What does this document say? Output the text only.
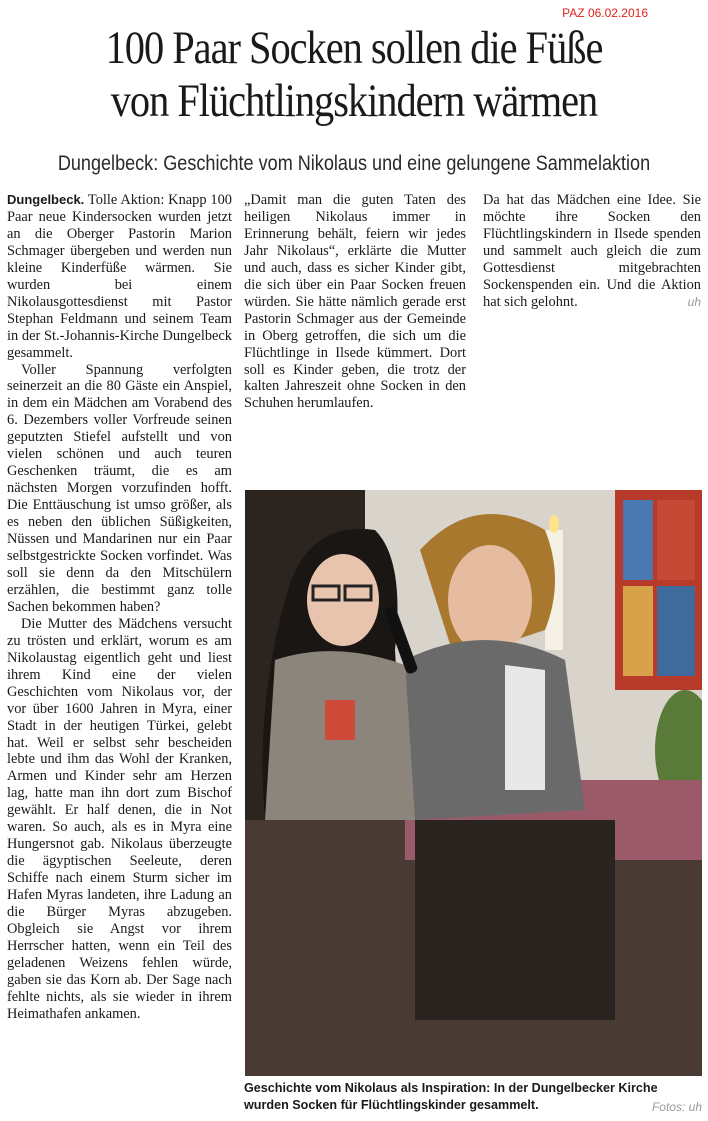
PAZ 06.02.2016
100 Paar Socken sollen die Füße
von Flüchtlingskindern wärmen
Dungelbeck: Geschichte vom Nikolaus und eine gelungene Sammelaktion

Dungelbeck. Tolle Aktion: Knapp 100 Paar neue Kindersocken wurden jetzt an die Oberger Pastorin Marion Schmager übergeben und werden nun kleine Kinderfüße wärmen. Sie wurden bei einem Nikolausgottesdienst mit Pastor Stephan Feldmann und seinem Team in der St.-Johannis-Kirche Dungelbeck gesammelt.

Voller Spannung verfolgten seinerzeit an die 80 Gäste ein Anspiel, in dem ein Mädchen am Vorabend des 6. Dezembers voller Vorfreude seinen geputzten Stiefel aufstellt und von vielen schönen und auch teuren Geschenken träumt, die es am nächsten Morgen vorzufinden hofft. Die Enttäuschung ist umso größer, als es neben den üblichen Süßigkeiten, Nüssen und Mandarinen nur ein Paar selbstgestrickte Socken vorfindet. Was soll sie denn da den Mitschülern erzählen, die bestimmt ganz tolle Sachen bekommen haben?

Die Mutter des Mädchens versucht zu trösten und erklärt, worum es am Nikolaustag eigentlich geht und liest ihrem Kind eine der vielen Geschichten vom Nikolaus vor, der vor über 1600 Jahren in Myra, einer Stadt in der heutigen Türkei, gelebt hat. Weil er selbst sehr bescheiden lebte und ihm das Wohl der Kranken, Armen und Kinder sehr am Herzen lag, hatte man ihn dort zum Bischof gewählt. Er half denen, die in Not waren. So auch, als es in Myra eine Hungersnot gab. Nikolaus überzeugte die ägyptischen Seeleute, deren Schiffe nach einem Sturm sicher im Hafen Myras landeten, ihre Ladung an die Bürger Myras abzugeben. Obgleich sie Angst vor ihrem Herrscher hatten, wenn ein Teil des geladenen Weizens fehlen würde, gaben sie das Korn ab. Der Sage nach fehlte nichts, als sie wieder in ihrem Heimathafen ankamen.

„Damit man die guten Taten des heiligen Nikolaus immer in Erinnerung behält, feiern wir jedes Jahr Nikolaus“, erklärte die Mutter und auch, dass es sicher Kinder gibt, die sich über ein Paar Socken freuen würden. Sie hätte nämlich gerade erst Pastorin Schmager aus der Gemeinde in Oberg getroffen, die sich um die Flüchtlinge in Ilsede kümmert. Dort soll es Kinder geben, die trotz der kalten Jahreszeit ohne Socken in den Schuhen herumlaufen.

Da hat das Mädchen eine Idee. Sie möchte ihre Socken den Flüchtlingskindern in Ilsede spenden und sammelt auch gleich die zum Gottesdienst mitgebrachten Sockenspenden ein. Und die Aktion hat sich gelohnt.	uh
Geschichte vom Nikolaus als Inspiration: In der Dungelbecker Kirche wurden Socken für Flüchtlingskinder gesammelt.	Fotos: uh
